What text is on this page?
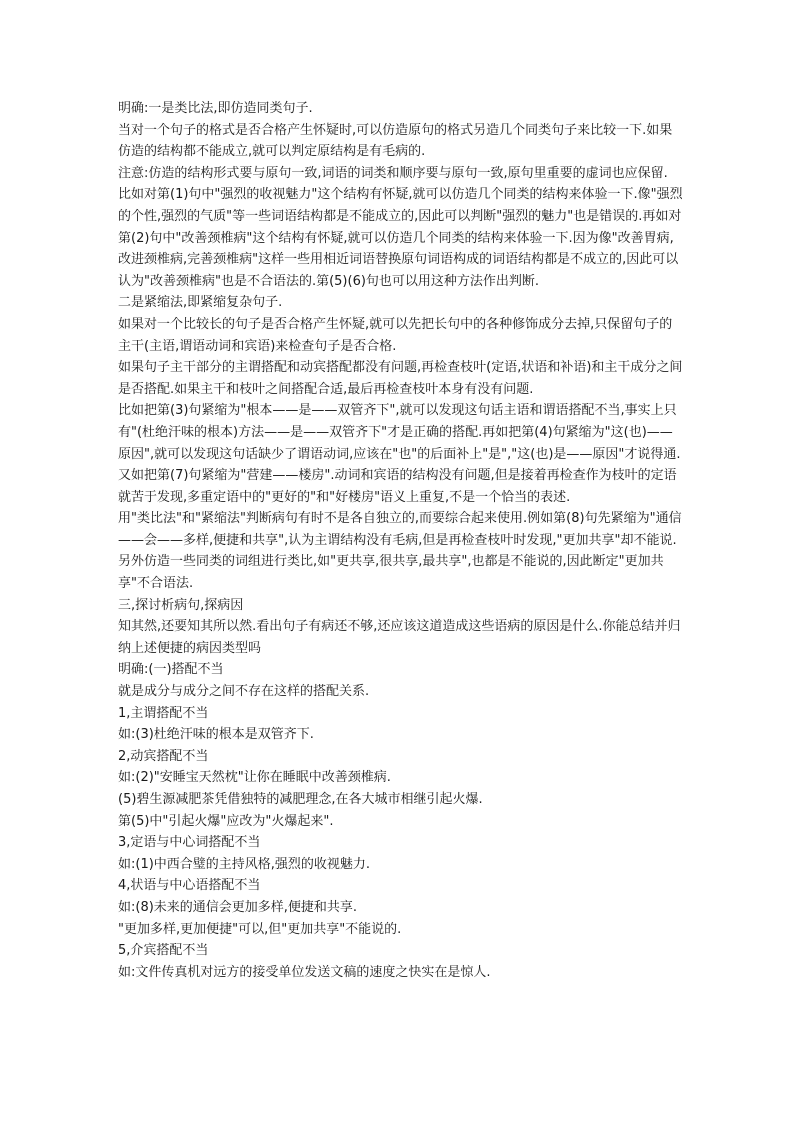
明确:一是类比法,即仿造同类句子.

当对一个句子的格式是否合格产生怀疑时,可以仿造原句的格式另造几个同类句子来比较一下.如果仿造的结构都不能成立,就可以判定原结构是有毛病的.

注意:仿造的结构形式要与原句一致,词语的词类和顺序要与原句一致,原句里重要的虚词也应保留.

比如对第(1)句中"强烈的收视魅力"这个结构有怀疑,就可以仿造几个同类的结构来体验一下.像"强烈的个性,强烈的气质"等一些词语结构都是不能成立的,因此可以判断"强烈的魅力"也是错误的.再如对第(2)句中"改善颈椎病"这个结构有怀疑,就可以仿造几个同类的结构来体验一下.因为像"改善胃病,改进颈椎病,完善颈椎病"这样一些用相近词语替换原句词语构成的词语结构都是不成立的,因此可以认为"改善颈椎病"也是不合语法的.第(5)(6)句也可以用这种方法作出判断.

二是紧缩法,即紧缩复杂句子.

如果对一个比较长的句子是否合格产生怀疑,就可以先把长句中的各种修饰成分去掉,只保留句子的主干(主语,谓语动词和宾语)来检查句子是否合格.

如果句子主干部分的主谓搭配和动宾搭配都没有问题,再检查枝叶(定语,状语和补语)和主干成分之间是否搭配.如果主干和枝叶之间搭配合适,最后再检查枝叶本身有没有问题.

比如把第(3)句紧缩为"根本——是——双管齐下",就可以发现这句话主语和谓语搭配不当,事实上只有"(杜绝汗味的根本)方法——是——双管齐下"才是正确的搭配.再如把第(4)句紧缩为"这(也)——原因",就可以发现这句话缺少了谓语动词,应该在"也"的后面补上"是","这(也)是——原因"才说得通.又如把第(7)句紧缩为"营建——楼房".动词和宾语的结构没有问题,但是接着再检查作为枝叶的定语就苦于发现,多重定语中的"更好的"和"好楼房"语义上重复,不是一个恰当的表述.

用"类比法"和"紧缩法"判断病句有时不是各自独立的,而要综合起来使用.例如第(8)句先紧缩为"通信——会——多样,便捷和共享",认为主谓结构没有毛病,但是再检查枝叶时发现,"更加共享"却不能说.另外仿造一些同类的词组进行类比,如"更共享,很共享,最共享",也都是不能说的,因此断定"更加共享"不合语法.

三,探讨析病句,探病因

知其然,还要知其所以然.看出句子有病还不够,还应该这道造成这些语病的原因是什么.你能总结并归纳上述便捷的病因类型吗

明确:(一)搭配不当

就是成分与成分之间不存在这样的搭配关系.

1,主谓搭配不当

如:(3)杜绝汗味的根本是双管齐下.

2,动宾搭配不当

如:(2)"安睡宝天然枕"让你在睡眠中改善颈椎病.

(5)碧生源减肥茶凭借独特的减肥理念,在各大城市相继引起火爆.

第(5)中"引起火爆"应改为"火爆起来".

3,定语与中心词搭配不当

如:(1)中西合璧的主持风格,强烈的收视魅力.

4,状语与中心语搭配不当

如:(8)未来的通信会更加多样,便捷和共享.

"更加多样,更加便捷"可以,但"更加共享"不能说的.

5,介宾搭配不当

如:文件传真机对远方的接受单位发送文稿的速度之快实在是惊人.
